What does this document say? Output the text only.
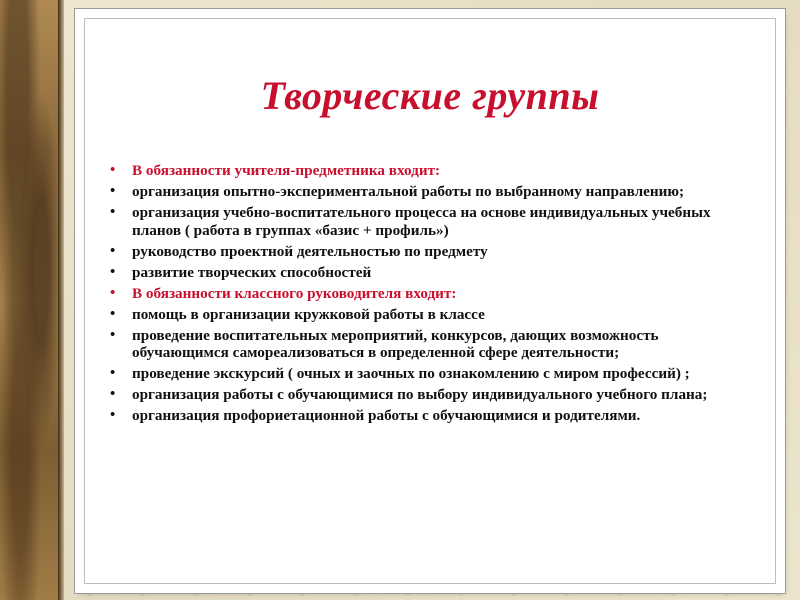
Творческие группы
• В обязанности учителя-предметника входит:
• организация опытно-экспериментальной работы по выбранному направлению;
• организация учебно-воспитательного процесса на основе индивидуальных учебных планов ( работа в группах «базис + профиль»)
• руководство проектной деятельностью по предмету
• развитие творческих способностей
• В обязанности классного руководителя входит:
• помощь в организации кружковой работы в классе
• проведение воспитательных мероприятий, конкурсов, дающих возможность обучающимся самореализоваться в определенной сфере деятельности;
• проведение экскурсий ( очных и заочных по ознакомлению с миром профессий) ;
• организация работы с обучающимися по выбору индивидуального учебного плана;
• организация профориетационной работы с обучающимися и родителями.
